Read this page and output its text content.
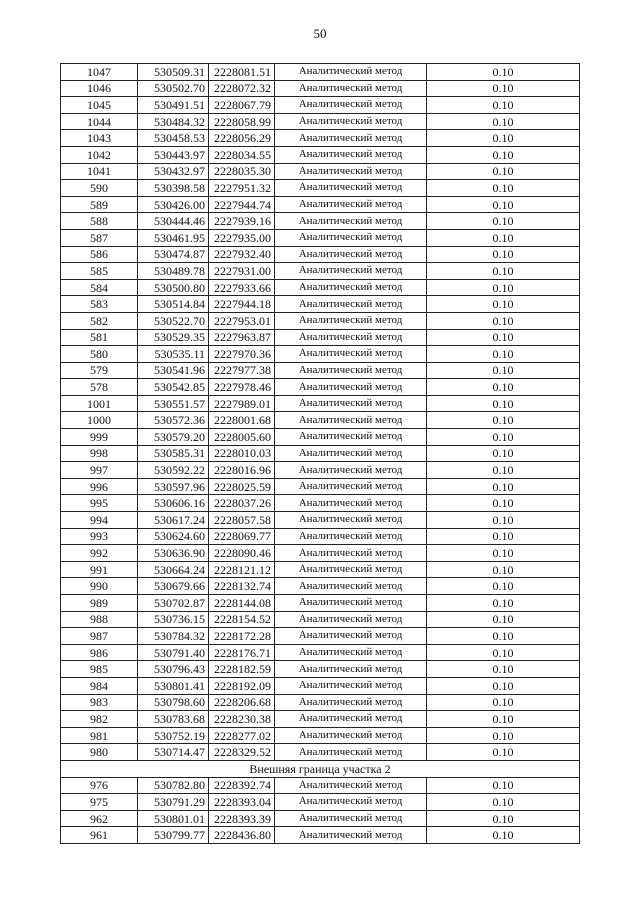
50
1047	530509.31	2228081.51	Аналитический метод	0.10
1046	530502.70	2228072.32	Аналитический метод	0.10
1045	530491.51	2228067.79	Аналитический метод	0.10
1044	530484.32	2228058.99	Аналитический метод	0.10
1043	530458.53	2228056.29	Аналитический метод	0.10
1042	530443.97	2228034.55	Аналитический метод	0.10
1041	530432.97	2228035.30	Аналитический метод	0.10
590	530398.58	2227951.32	Аналитический метод	0.10
589	530426.00	2227944.74	Аналитический метод	0.10
588	530444.46	2227939.16	Аналитический метод	0.10
587	530461.95	2227935.00	Аналитический метод	0.10
586	530474.87	2227932.40	Аналитический метод	0.10
585	530489.78	2227931.00	Аналитический метод	0.10
584	530500.80	2227933.66	Аналитический метод	0.10
583	530514.84	2227944.18	Аналитический метод	0.10
582	530522.70	2227953.01	Аналитический метод	0.10
581	530529.35	2227963.87	Аналитический метод	0.10
580	530535.11	2227970.36	Аналитический метод	0.10
579	530541.96	2227977.38	Аналитический метод	0.10
578	530542.85	2227978.46	Аналитический метод	0.10
1001	530551.57	2227989.01	Аналитический метод	0.10
1000	530572.36	2228001.68	Аналитический метод	0.10
999	530579.20	2228005.60	Аналитический метод	0.10
998	530585.31	2228010.03	Аналитический метод	0.10
997	530592.22	2228016.96	Аналитический метод	0.10
996	530597.96	2228025.59	Аналитический метод	0.10
995	530606.16	2228037.26	Аналитический метод	0.10
994	530617.24	2228057.58	Аналитический метод	0.10
993	530624.60	2228069.77	Аналитический метод	0.10
992	530636.90	2228090.46	Аналитический метод	0.10
991	530664.24	2228121.12	Аналитический метод	0.10
990	530679.66	2228132.74	Аналитический метод	0.10
989	530702.87	2228144.08	Аналитический метод	0.10
988	530736.15	2228154.52	Аналитический метод	0.10
987	530784.32	2228172.28	Аналитический метод	0.10
986	530791.40	2228176.71	Аналитический метод	0.10
985	530796.43	2228182.59	Аналитический метод	0.10
984	530801.41	2228192.09	Аналитический метод	0.10
983	530798.60	2228206.68	Аналитический метод	0.10
982	530783.68	2228230.38	Аналитический метод	0.10
981	530752.19	2228277.02	Аналитический метод	0.10
980	530714.47	2228329.52	Аналитический метод	0.10
Внешняя граница участка 2				
976	530782.80	2228392.74	Аналитический метод	0.10
975	530791.29	2228393.04	Аналитический метод	0.10
962	530801.01	2228393.39	Аналитический метод	0.10
961	530799.77	2228436.80	Аналитический метод	0.10
